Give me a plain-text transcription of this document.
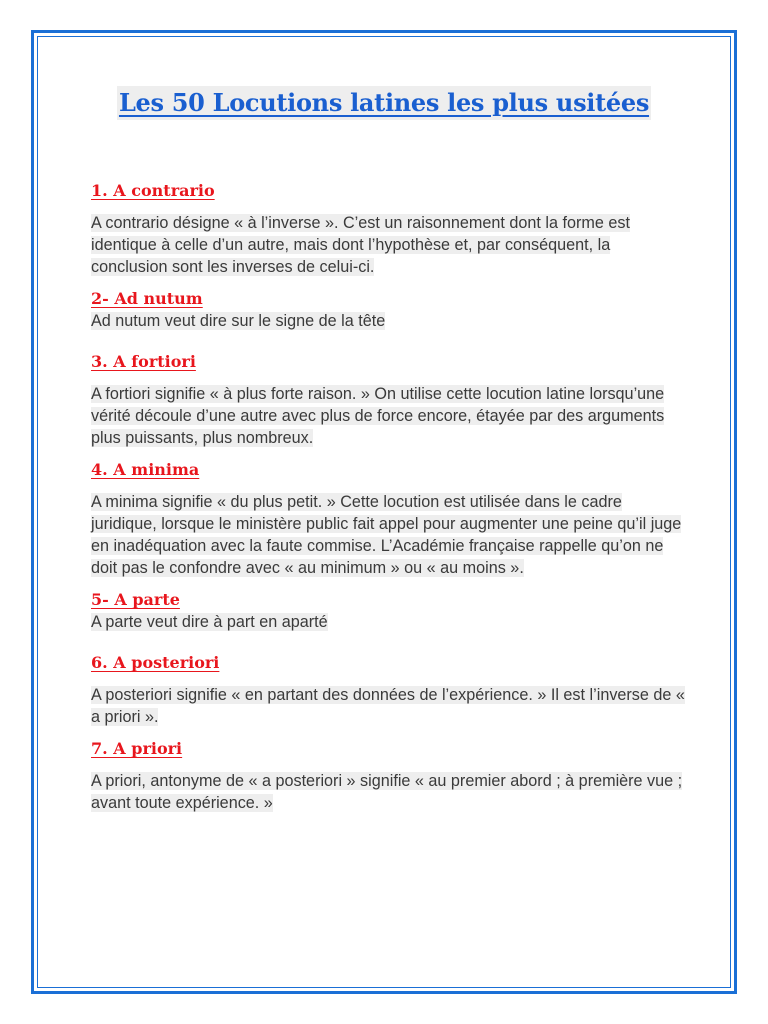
Les 50 Locutions latines les plus usitées
1. A contrario

A contrario désigne « à l’inverse ». C’est un raisonnement dont la forme est identique à celle d’un autre, mais dont l’hypothèse et, par conséquent, la conclusion sont les inverses de celui-ci.

2- Ad nutum

Ad nutum veut dire sur le signe de la tête

3. A fortiori

A fortiori signifie « à plus forte raison. » On utilise cette locution latine lorsqu’une vérité découle d’une autre avec plus de force encore, étayée par des arguments plus puissants, plus nombreux.

4. A minima

A minima signifie « du plus petit. » Cette locution est utilisée dans le cadre juridique, lorsque le ministère public fait appel pour augmenter une peine qu’il juge en inadéquation avec la faute commise. L’Académie française rappelle qu’on ne doit pas le confondre avec « au minimum » ou « au moins ».

5- A parte

A parte veut dire à part en aparté

6. A posteriori

A posteriori signifie « en partant des données de l’expérience. » Il est l’inverse de « a priori ».

7. A priori

A priori, antonyme de « a posteriori » signifie « au premier abord ; à première vue ; avant toute expérience. »
